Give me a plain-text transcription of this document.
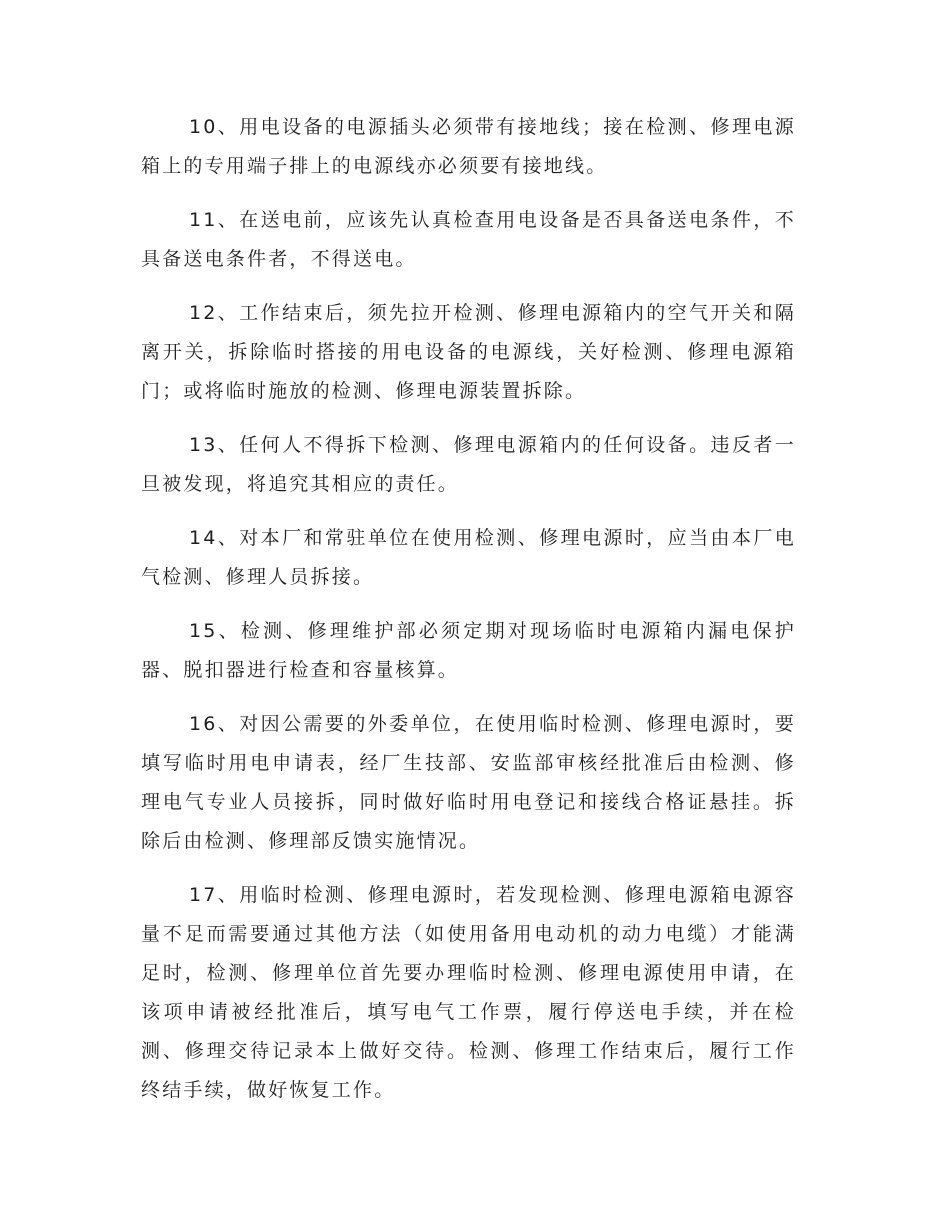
10、用电设备的电源插头必须带有接地线；接在检测、修理电源箱上的专用端子排上的电源线亦必须要有接地线。

11、在送电前，应该先认真检查用电设备是否具备送电条件，不具备送电条件者，不得送电。

12、工作结束后，须先拉开检测、修理电源箱内的空气开关和隔离开关，拆除临时搭接的用电设备的电源线，关好检测、修理电源箱门；或将临时施放的检测、修理电源装置拆除。

13、任何人不得拆下检测、修理电源箱内的任何设备。违反者一旦被发现，将追究其相应的责任。

14、对本厂和常驻单位在使用检测、修理电源时，应当由本厂电气检测、修理人员拆接。

15、检测、修理维护部必须定期对现场临时电源箱内漏电保护器、脱扣器进行检查和容量核算。

16、对因公需要的外委单位，在使用临时检测、修理电源时，要填写临时用电申请表，经厂生技部、安监部审核经批准后由检测、修理电气专业人员接拆，同时做好临时用电登记和接线合格证悬挂。拆除后由检测、修理部反馈实施情况。

17、用临时检测、修理电源时，若发现检测、修理电源箱电源容量不足而需要通过其他方法（如使用备用电动机的动力电缆）才能满足时，检测、修理单位首先要办理临时检测、修理电源使用申请，在该项申请被经批准后，填写电气工作票，履行停送电手续，并在检测、修理交待记录本上做好交待。检测、修理工作结束后，履行工作终结手续，做好恢复工作。
